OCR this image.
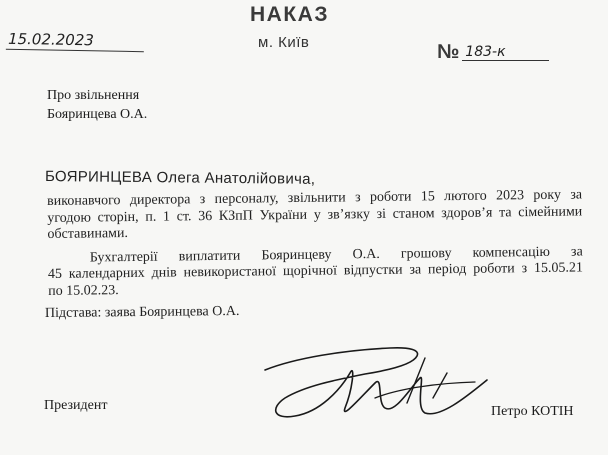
НАКАЗ
15.02.2023	м. Київ	№ 183-к
Про звільнення
Бояринцева О.А.
БОЯРИНЦЕВА Олега Анатолійовича,

виконавчого директора з персоналу, звільнити з роботи 15 лютого 2023 року за

угодою сторін, п. 1 ст. 36 КЗпП України у зв’язку зі станом здоров’я та сімейними

обставинами.

Бухгалтерії виплатити Бояринцеву О.А. грошову компенсацію за

45 календарних днів невикористаної щорічної відпустки за період роботи з 15.05.21

по 15.02.23.

Підстава: заява Бояринцева О.А.
Президент	Петро КОТІН
